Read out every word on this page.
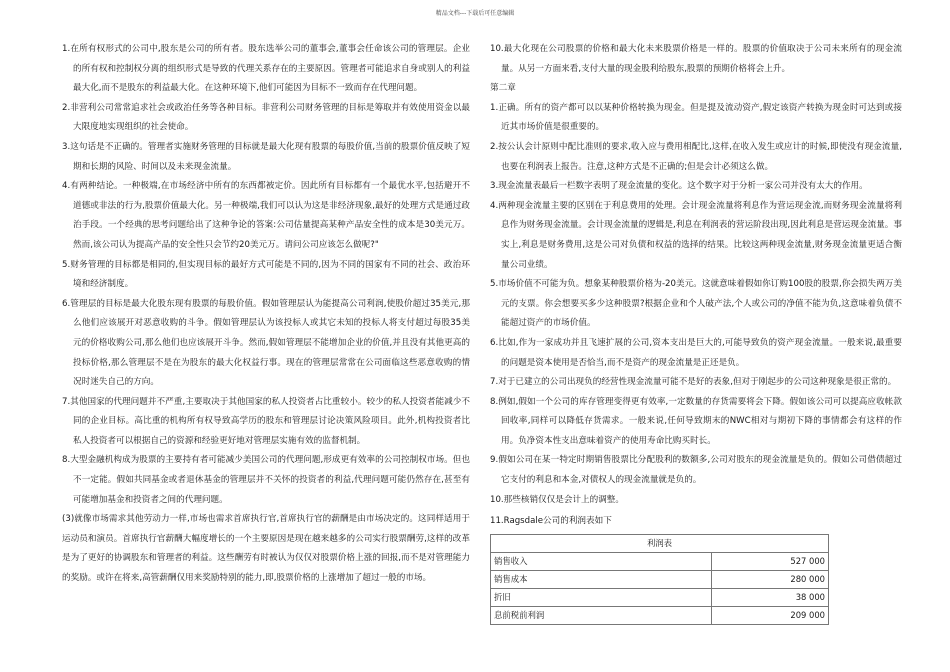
精品文档---下载后可任意编辑

1.在所有权形式的公司中,股东是公司的所有者。股东选举公司的董事会,董事会任命该公司的管理层。企业的所有权和控制权分离的组织形式是导致的代理关系存在的主要原因。管理者可能追求自身或别人的利益最大化,而不是股东的利益最大化。在这种环境下,他们可能因为目标不一致而存在代理问题。

2.非营利公司常常追求社会或政治任务等各种目标。非营利公司财务管理的目标是筹取并有效使用资金以最大限度地实现组织的社会使命。

3.这句话是不正确的。管理者实施财务管理的目标就是最大化现有股票的每股价值,当前的股票价值反映了短期和长期的风险、时间以及未来现金流量。

4.有两种结论。一种极端,在市场经济中所有的东西都被定价。因此所有目标都有一个最优水平,包括避开不道德或非法的行为,股票价值最大化。另一种极端,我们可以认为这是非经济现象,最好的处理方式是通过政治手段。一个经典的思考问题给出了这种争论的答案:公司估量提高某种产品安全性的成本是30美元万。然而,该公司认为提高产品的安全性只会节约20美元万。请问公司应该怎么做呢?"

5.财务管理的目标都是相同的,但实现目标的最好方式可能是不同的,因为不同的国家有不同的社会、政治环境和经济制度。

6.管理层的目标是最大化股东现有股票的每股价值。假如管理层认为能提高公司利润,使股价超过35美元,那么他们应该展开对恶意收购的斗争。假如管理层认为该投标人或其它未知的投标人将支付超过每股35美元的价格收购公司,那么他们也应该展开斗争。然而,假如管理层不能增加企业的价值,并且没有其他更高的投标价格,那么管理层不是在为股东的最大化权益行事。现在的管理层常常在公司面临这些恶意收购的情况时迷失自己的方向。

7.其他国家的代理问题并不严重,主要取决于其他国家的私人投资者占比重较小。较少的私人投资者能减少不同的企业目标。高比重的机构所有权导致高学历的股东和管理层讨论决策风险项目。此外,机构投资者比私人投资者可以根据自己的资源和经验更好地对管理层实施有效的监督机制。

8.大型金融机构成为股票的主要持有者可能减少美国公司的代理问题,形成更有效率的公司控制权市场。但也不一定能。假如共同基金或者退休基金的管理层并不关怀的投资者的利益,代理问题可能仍然存在,甚至有可能增加基金和投资者之间的代理问题。

(3)就像市场需求其他劳动力一样,市场也需求首席执行官,首席执行官的薪酬是由市场决定的。这同样适用于运动员和演员。首席执行官薪酬大幅度增长的一个主要原因是现在越来越多的公司实行股票酬劳,这样的改革是为了更好的协调股东和管理者的利益。这些酬劳有时被认为仅仅对股票价格上涨的回报,而不是对管理能力的奖励。或许在将来,高管薪酬仅用来奖励特别的能力,即,股票价格的上涨增加了超过一般的市场。

10.最大化现在公司股票的价格和最大化未来股票价格是一样的。股票的价值取决于公司未来所有的现金流量。从另一方面来看,支付大量的现金股利给股东,股票的预期价格将会上升。

第二章

1.正确。所有的资产都可以以某种价格转换为现金。但是提及流动资产,假定该资产转换为现金时可达到或接近其市场价值是很重要的。

2.按公认会计原则中配比准则的要求,收入应与费用相配比,这样,在收入发生或应计的时候,即使没有现金流量,也要在利润表上报告。注意,这种方式是不正确的;但是会计必须这么做。

3.现金流量表最后一栏数字表明了现金流量的变化。这个数字对于分析一家公司并没有太大的作用。

4.两种现金流量主要的区别在于利息费用的处理。会计现金流量将利息作为营运现金流,而财务现金流量将利息作为财务现金流量。会计现金流量的逻辑是,利息在利润表的营运阶段出现,因此利息是营运现金流量。事实上,利息是财务费用,这是公司对负债和权益的选择的结果。比较这两种现金流量,财务现金流量更适合衡量公司业绩。

5.市场价值不可能为负。想象某种股票价格为-20美元。这就意味着假如你订购100股的股票,你会损失两万美元的支票。你会想要买多少这种股票?根据企业和个人破产法,个人或公司的净值不能为负,这意味着负债不能超过资产的市场价值。

6.比如,作为一家成功并且飞速扩展的公司,资本支出是巨大的,可能导致负的资产现金流量。一般来说,最重要的问题是资本使用是否恰当,而不是资产的现金流量是正还是负。

7.对于已建立的公司出现负的经营性现金流量可能不是好的表象,但对于刚起步的公司这种现象是很正常的。

8.例如,假如一个公司的库存管理变得更有效率,一定数量的存货需要将会下降。假如该公司可以提高应收帐款回收率,同样可以降低存货需求。一般来说,任何导致期末的NWC相对与期初下降的事情都会有这样的作用。负净资本性支出意味着资产的使用寿命比购买时长。

9.假如公司在某一特定时期销售股票比分配股利的数额多,公司对股东的现金流量是负的。假如公司借债超过它支付的利息和本金,对债权人的现金流量就是负的。

10.那些核销仅仅是会计上的调整。

11.Ragsdale公司的利润表如下

利润表	
销售收入	527 000
销售成本	280 000
折旧	38 000
息前税前利润	209 000
